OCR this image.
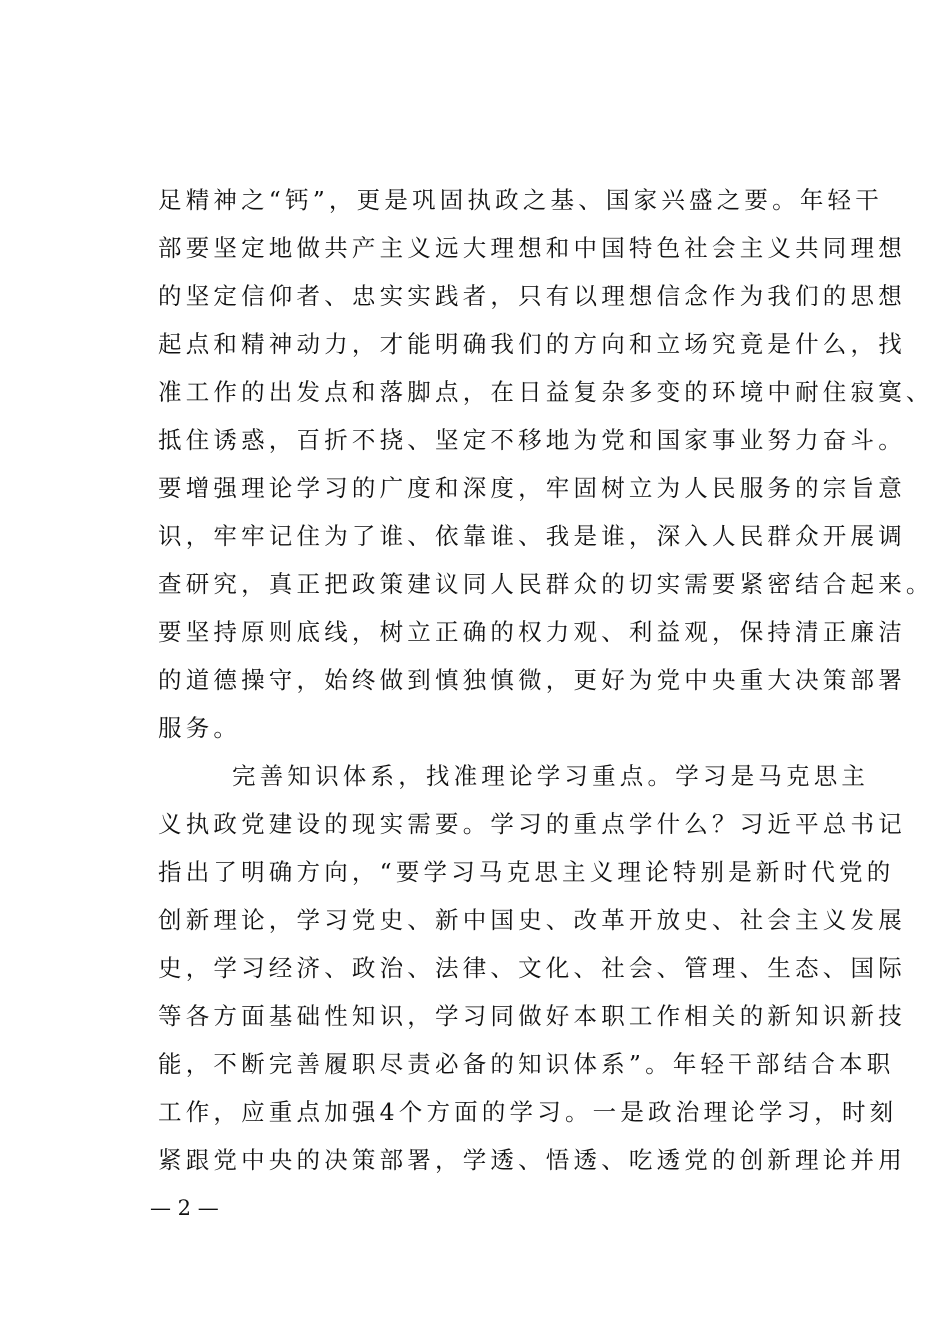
足精神之“钙”，更是巩固执政之基、国家兴盛之要。年轻干
部要坚定地做共产主义远大理想和中国特色社会主义共同理想
的坚定信仰者、忠实实践者，只有以理想信念作为我们的思想
起点和精神动力，才能明确我们的方向和立场究竟是什么，找
准工作的出发点和落脚点，在日益复杂多变的环境中耐住寂寞、
抵住诱惑，百折不挠、坚定不移地为党和国家事业努力奋斗。
要增强理论学习的广度和深度，牢固树立为人民服务的宗旨意
识，牢牢记住为了谁、依靠谁、我是谁，深入人民群众开展调
查研究，真正把政策建议同人民群众的切实需要紧密结合起来。
要坚持原则底线，树立正确的权力观、利益观，保持清正廉洁
的道德操守，始终做到慎独慎微，更好为党中央重大决策部署
服务。
完善知识体系，找准理论学习重点。学习是马克思主
义执政党建设的现实需要。学习的重点学什么？习近平总书记
指出了明确方向，“要学习马克思主义理论特别是新时代党的
创新理论，学习党史、新中国史、改革开放史、社会主义发展
史，学习经济、政治、法律、文化、社会、管理、生态、国际
等各方面基础性知识，学习同做好本职工作相关的新知识新技
能，不断完善履职尽责必备的知识体系”。年轻干部结合本职
工作，应重点加强4个方面的学习。一是政治理论学习，时刻
紧跟党中央的决策部署，学透、悟透、吃透党的创新理论并用
— 2 —
